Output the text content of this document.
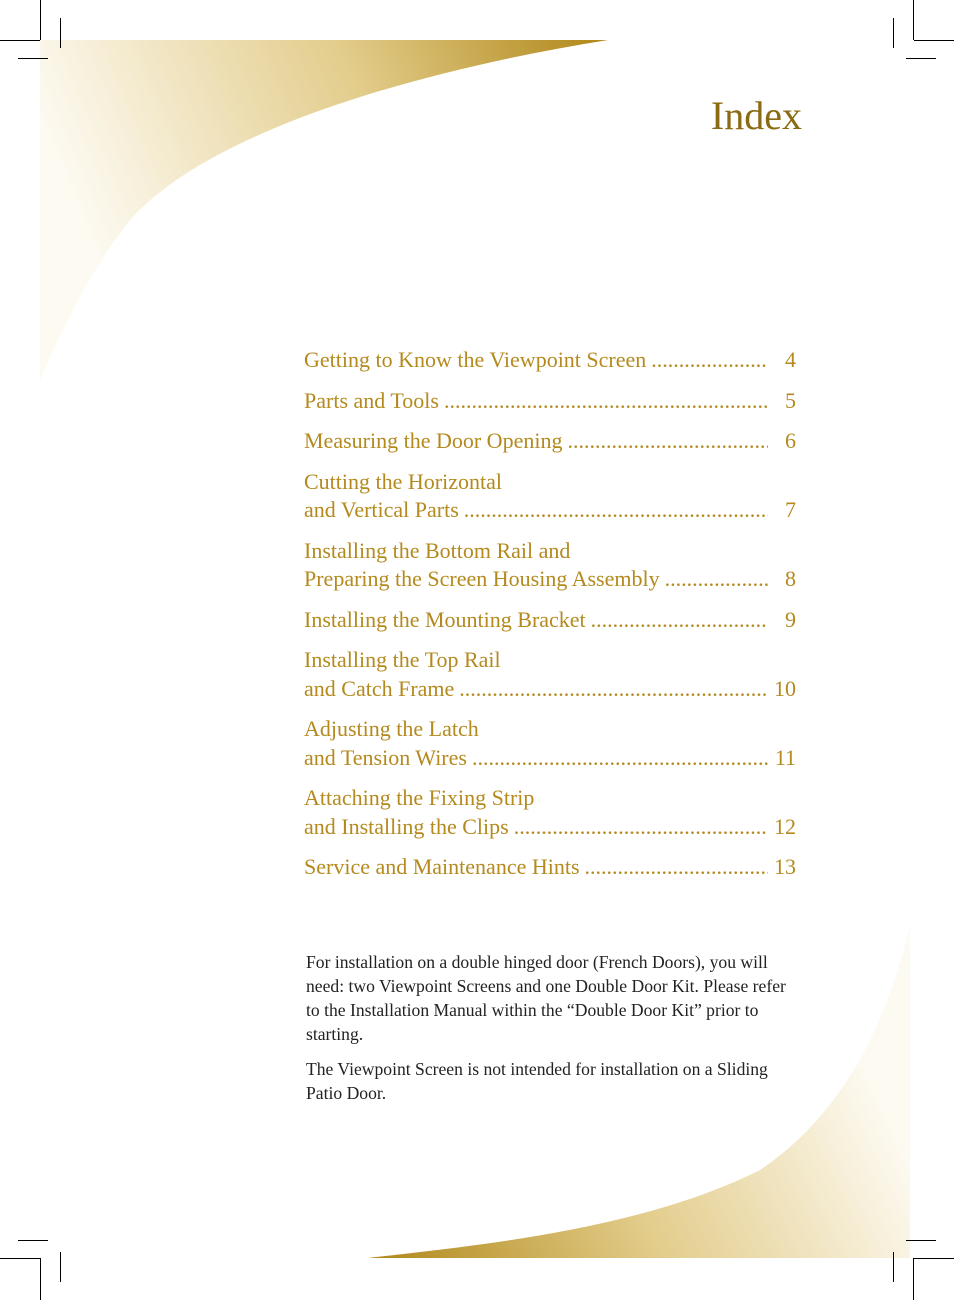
Index
Getting to Know the Viewpoint Screen .....	4
Parts and Tools .....	5
Measuring the Door Opening .....	6
Cutting the Horizontal
and Vertical Parts .....	7
Installing the Bottom Rail and
Preparing the Screen Housing Assembly .....	8
Installing the Mounting Bracket .....	9
Installing the Top Rail
and Catch Frame .....	10
Adjusting the Latch
and Tension Wires .....	11
Attaching the Fixing Strip
and Installing the Clips .....	12
Service and Maintenance Hints .....	13

For installation on a double hinged door (French Doors), you will need: two Viewpoint Screens and one Double Door Kit. Please refer to the Installation Manual within the “Double Door Kit” prior to starting.

The Viewpoint Screen is not intended for installation on a Sliding Patio Door.
